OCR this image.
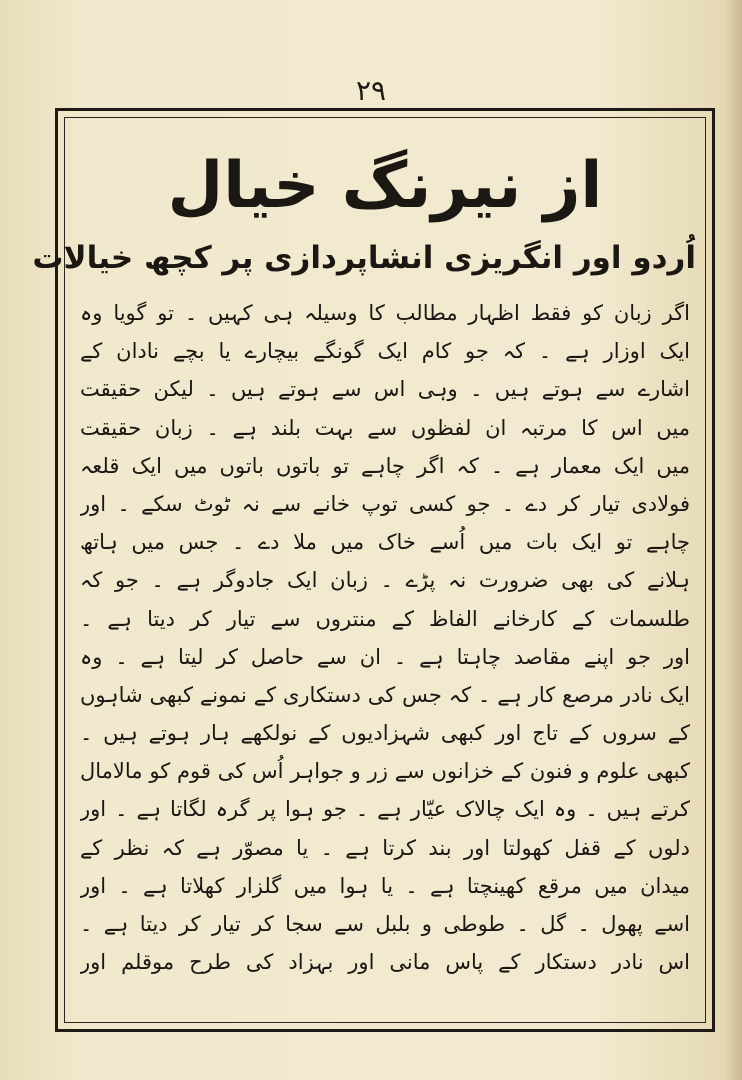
۲۹
از نیرنگ خیال
اُردو اور انگریزی انشاپردازی پر کچھ خیالات
اگر زبان کو فقط اظہار مطالب کا وسیلہ ہی کہیں ۔ تو گویا وہ
ایک اوزار ہے ۔ کہ جو کام ایک گونگے بیچارے یا بچے نادان کے
اشارے سے ہوتے ہیں ۔ وہی اس سے ہوتے ہیں ۔ لیکن حقیقت
میں اس کا مرتبہ ان لفظوں سے بہت بلند ہے ۔ زبان حقیقت
میں ایک معمار ہے ۔ کہ اگر چاہے تو باتوں باتوں میں ایک قلعہ
فولادی تیار کر دے ۔ جو کسی توپ خانے سے نہ ٹوٹ سکے ۔ اور
چاہے تو ایک بات میں اُسے خاک میں ملا دے ۔ جس میں ہاتھ
ہلانے کی بھی ضرورت نہ پڑے ۔ زبان ایک جادوگر ہے ۔ جو کہ
طلسمات کے کارخانے الفاظ کے منتروں سے تیار کر دیتا ہے ۔
اور جو اپنے مقاصد چاہتا ہے ۔ ان سے حاصل کر لیتا ہے ۔ وہ
ایک نادر مرصع کار ہے ۔ کہ جس کی دستکاری کے نمونے کبھی شاہوں
کے سروں کے تاج اور کبھی شہزادیوں کے نولکھے ہار ہوتے ہیں ۔
کبھی علوم و فنون کے خزانوں سے زر و جواہر اُس کی قوم کو مالامال
کرتے ہیں ۔ وہ ایک چالاک عیّار ہے ۔ جو ہوا پر گرہ لگاتا ہے ۔ اور
دلوں کے قفل کھولتا اور بند کرتا ہے ۔ یا مصوّر ہے کہ نظر کے
میدان میں مرقع کھینچتا ہے ۔ یا ہوا میں گلزار کھلاتا ہے ۔ اور
اسے پھول ۔ گل ۔ طوطی و بلبل سے سجا کر تیار کر دیتا ہے ۔
اس نادر دستکار کے پاس مانی اور بہزاد کی طرح موقلم اور
